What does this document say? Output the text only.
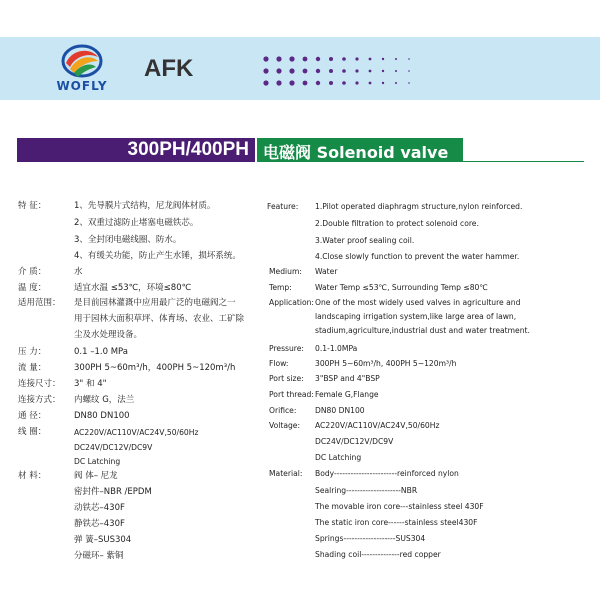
WOFLY
AFK
300PH/400PH 电磁阀 Solenoid valve
特 征：	1、先导膜片式结构，尼龙阀体材质。
2、双重过滤防止堵塞电磁铁芯。
3、全封闭电磁线圈、防水。
4、有缓关功能，防止产生水锤，损坏系统。
介 质：	水
温 度：	适宜水温 ≤53℃，环境≤80℃
适用范围： 是目前园林灌溉中应用最广泛的电磁阀之一
用于园林大面积草坪、体育场、农业、工矿除
尘及水处理设备。
压 力：	0.1 –1.0 MPa
流 量：	300PH 5~60m³/h，400PH 5~120m³/h
连接尺寸： 3" 和 4"
连接方式： 内螺纹 G，法兰
通 径：	DN80 DN100
线 圈：	AC220V/AC110V/AC24V,50/60Hz
DC24V/DC12V/DC9V
DC Latching
材 料：	阀 体– 尼龙
密封件–NBR /EPDM
动铁芯–430F
静铁芯–430F
弹 簧–SUS304
分磁环– 紫铜
Feature: 1.Pilot operated diaphragm structure,nylon reinforced.
2.Double filtration to protect solenoid core.
3.Water proof sealing coil.
4.Close slowly function to prevent the water hammer.
Medium: Water
Temp:	Water Temp ≤53℃, Surrounding Temp ≤80℃
Application: One of the most widely used valves in agriculture and
landscaping irrigation system,like large area of lawn,
stadium,agriculture,industrial dust and water treatment.
Pressure: 0.1-1.0MPa
Flow:	300PH 5~60m³/h, 400PH 5~120m³/h
Port size: 3"BSP and 4"BSP
Port thread: Female G,Flange
Orifice: DN80 DN100
Voltage: AC220V/AC110V/AC24V,50/60Hz
DC24V/DC12V/DC9V
DC Latching
Material: Body-----------------------reinforced nylon
Sealring--------------------NBR
The movable iron core---stainless steel 430F
The static iron core------stainless steel430F
Springs-------------------SUS304
Shading coil--------------red copper
